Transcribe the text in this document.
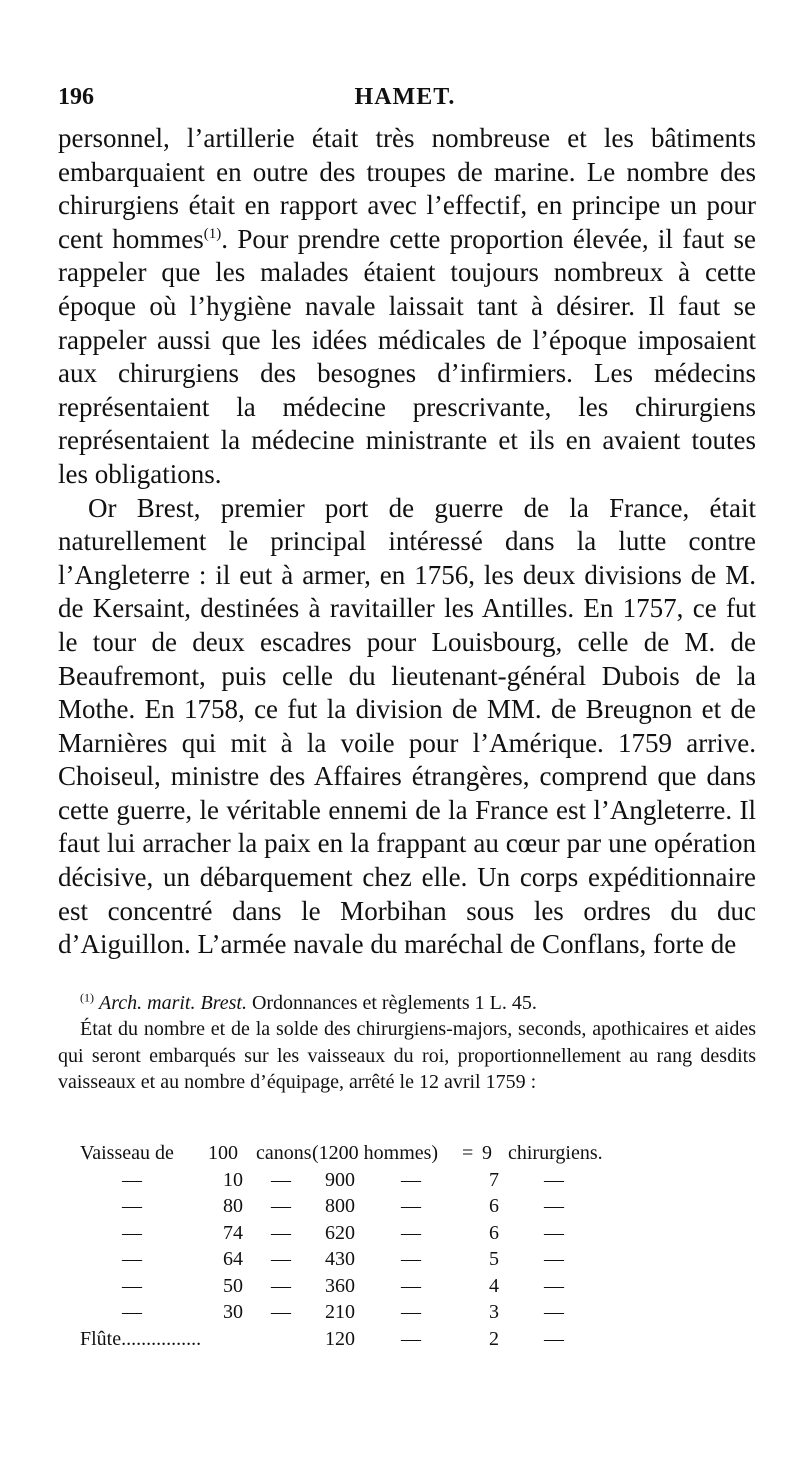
196	HAMET.

personnel, l’artillerie était très nombreuse et les bâtiments embarquaient en outre des troupes de marine. Le nombre des chirurgiens était en rapport avec l’effectif, en principe un pour cent hommes$^{(1)}$. Pour prendre cette proportion élevée, il faut se rappeler que les malades étaient toujours nombreux à cette époque où l’hygiène navale laissait tant à désirer. Il faut se rappeler aussi que les idées médicales de l’époque imposaient aux chirurgiens des besognes d’infirmiers. Les médecins représentaient la médecine prescrivante, les chirurgiens représentaient la médecine ministrante et ils en avaient toutes les obligations.

Or Brest, premier port de guerre de la France, était naturellement le principal intéressé dans la lutte contre l’Angleterre : il eut à armer, en 1756, les deux divisions de M. de Kersaint, destinées à ravitailler les Antilles. En 1757, ce fut le tour de deux escadres pour Louisbourg, celle de M. de Beaufremont, puis celle du lieutenant-général Dubois de la Mothe. En 1758, ce fut la division de MM. de Breugnon et de Marnières qui mit à la voile pour l’Amérique. 1759 arrive. Choiseul, ministre des Affaires étrangères, comprend que dans cette guerre, le véritable ennemi de la France est l’Angleterre. Il faut lui arracher la paix en la frappant au cœur par une opération décisive, un débarquement chez elle. Un corps expéditionnaire est concentré dans le Morbihan sous les ordres du duc d’Aiguillon. L’armée navale du maréchal de Conflans, forte de

$^{(1)}$ Arch. marit. Brest. Ordonnances et règlements 1 L. 45.

État du nombre et de la solde des chirurgiens-majors, seconds, apothicaires et aides qui seront embarqués sur les vaisseaux du roi, proportionnellement au rang desdits vaisseaux et au nombre d’équipage, arrêté le 12 avril 1759 :

Vaisseau de	100 canons (1200 hommes) = 9 chirurgiens.
—	10	—	900	—	7 —
—	80	—	800	—	6 —
—	74	—	620	—	6 —
—	64	—	430	—	5 —
—	50	—	360	—	4 —
—	30	—	210	—	3 —
Flûte................	120	—	2 —
